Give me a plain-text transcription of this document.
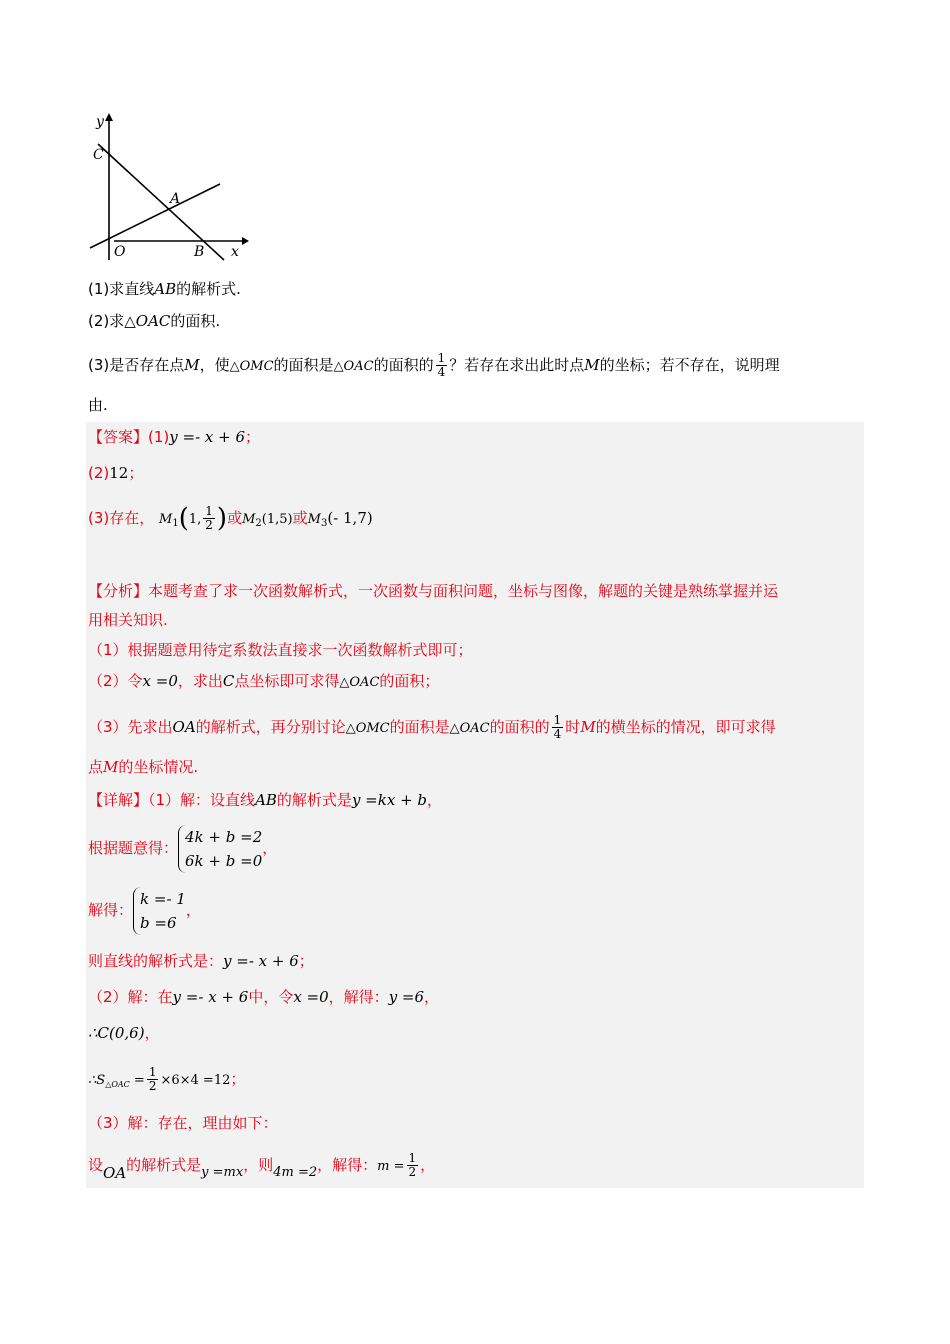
y
C
A
O	B x
(1)求直线AB的解析式.
(2)求△OAC的面积.
(3)是否存在点M，使△OMC的面积是△OAC的面积的 $\frac{1}{4}$ ？若存在求出此时点M的坐标；若不存在，说明理
由.
【答案】(1)y =- x + 6；
(2)12；
(3)存在， $M_1(1$, $\frac{1}{2}$ )或$M_2(1,5)$或$M_3(-$ 1,7)
【分析】本题考查了求一次函数解析式，一次函数与面积问题，坐标与图像，解题的关键是熟练掌握并运
用相关知识.
（1）根据题意用待定系数法直接求一次函数解析式即可；
（2）令x =0，求出C点坐标即可求得△OAC的面积；
（3）先求出OA的解析式，再分别讨论△OMC的面积是△OAC的面积的 $\frac{1}{4}$ 时M的横坐标的情况，即可求得
点M的坐标情况.
【详解】（1）解：设直线AB的解析式是y =kx + b，
根据题意得：
4k + b =2
6k + b =0
，
解得：
k =- 1
b =6
，
则直线的解析式是：y =- x + 6；
（2）解：在y =- x + 6中，令x =0，解得：y =6，
∴C(0,6)，
$\therefore S_{\triangle OAC} = \frac{1}{2} \times 6\times 4 =12$；
（3）解：存在，理由如下：
设OA的解析式是y =mx，则4m =2，解得：$m = \frac{1}{2}$ ，
